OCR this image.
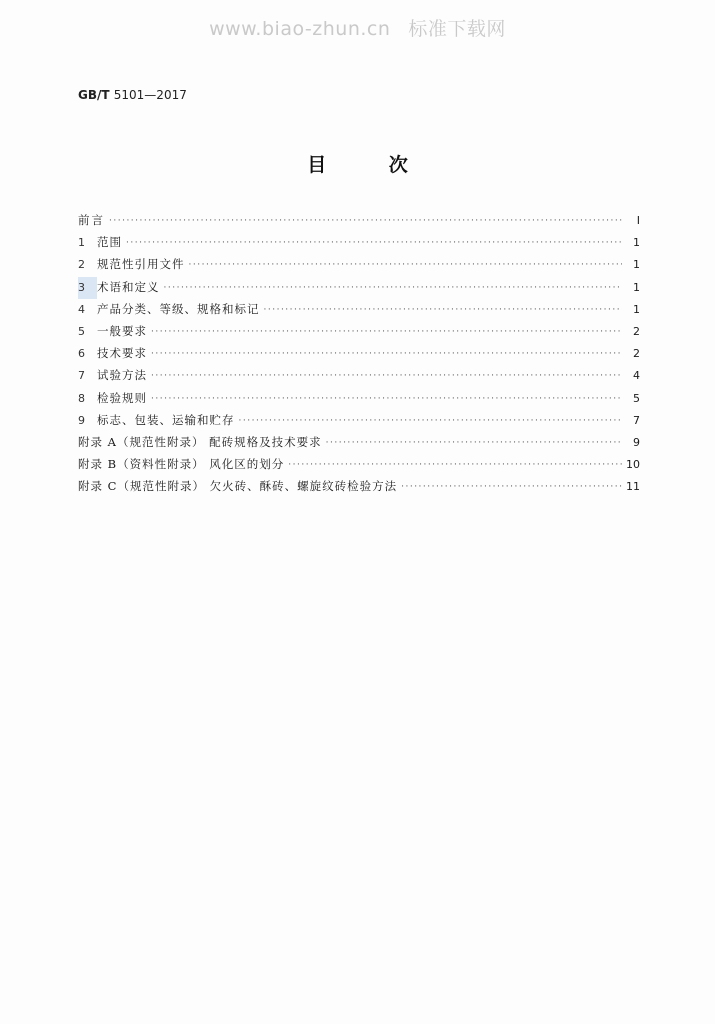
www.biao-zhun.cn 标准下载网
GB/T 5101—2017
目 次
前言 ·····	Ⅰ
1	范围 ·····	1
2	规范性引用文件 ·····	1
3	术语和定义 ·····	1
4	产品分类、等级、规格和标记 ·····	1
5	一般要求 ·····	2
6	技术要求 ·····	2
7	试验方法 ·····	4
8	检验规则 ·····	5
9	标志、包装、运输和贮存 ·····	7
附录 A（规范性附录） 配砖规格及技术要求 ·····	9
附录 B（资料性附录） 风化区的划分 ·····	10
附录 C（规范性附录） 欠火砖、酥砖、螺旋纹砖检验方法 ·····	11
